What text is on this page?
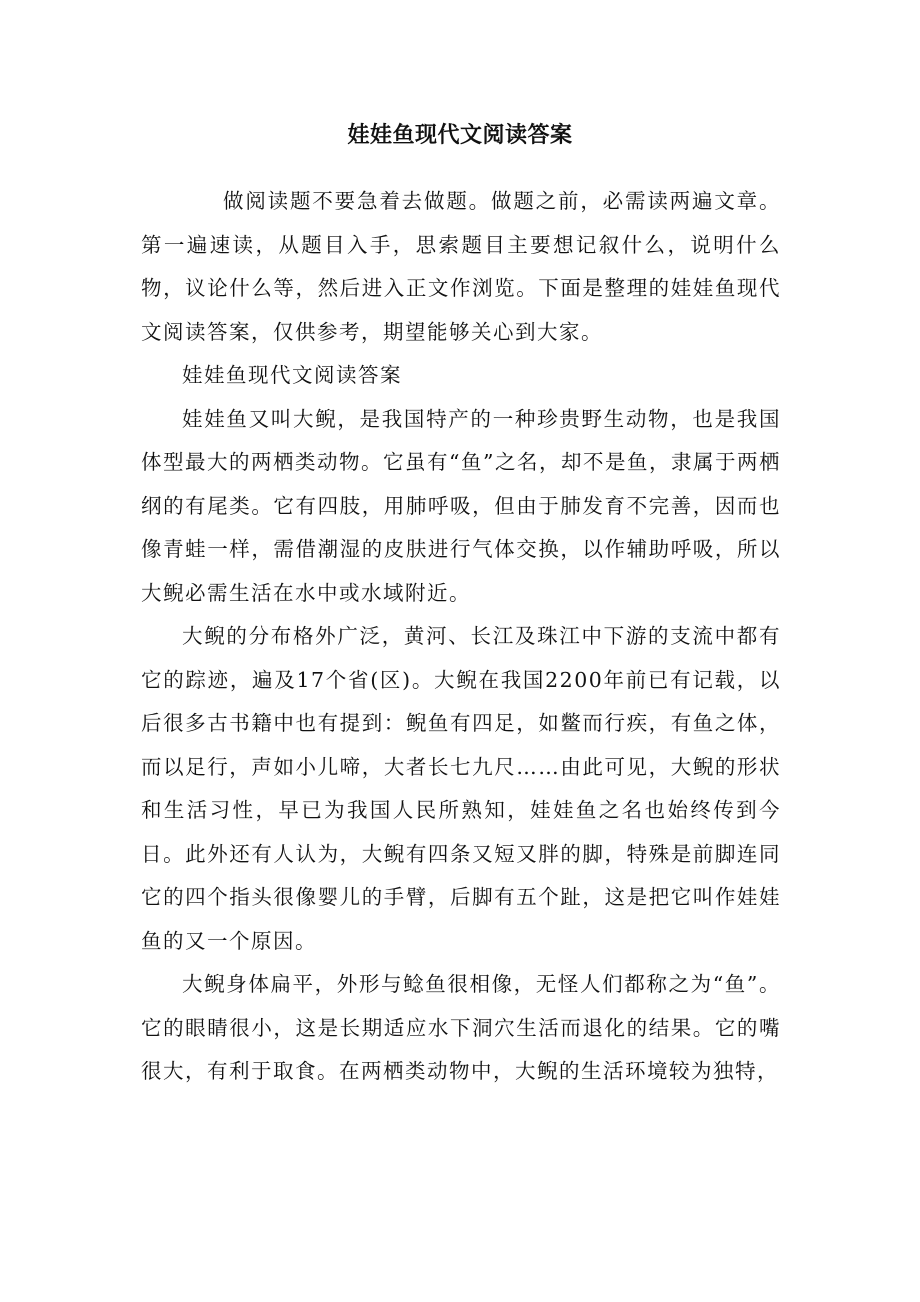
娃娃鱼现代文阅读答案

做阅读题不要急着去做题。做题之前，必需读两遍文章。第一遍速读，从题目入手，思索题目主要想记叙什么，说明什么物，议论什么等，然后进入正文作浏览。下面是整理的娃娃鱼现代文阅读答案，仅供参考，期望能够关心到大家。

娃娃鱼现代文阅读答案

娃娃鱼又叫大鲵，是我国特产的一种珍贵野生动物，也是我国体型最大的两栖类动物。它虽有“鱼”之名，却不是鱼，隶属于两栖纲的有尾类。它有四肢，用肺呼吸，但由于肺发育不完善，因而也像青蛙一样，需借潮湿的皮肤进行气体交换，以作辅助呼吸，所以大鲵必需生活在水中或水域附近。

大鲵的分布格外广泛，黄河、长江及珠江中下游的支流中都有它的踪迹，遍及17个省(区)。大鲵在我国2200年前已有记载，以后很多古书籍中也有提到：鲵鱼有四足，如鳖而行疾，有鱼之体，而以足行，声如小儿啼，大者长七九尺……由此可见，大鲵的形状和生活习性，早已为我国人民所熟知，娃娃鱼之名也始终传到今日。此外还有人认为，大鲵有四条又短又胖的脚，特殊是前脚连同它的四个指头很像婴儿的手臂，后脚有五个趾，这是把它叫作娃娃鱼的又一个原因。

大鲵身体扁平，外形与鲶鱼很相像，无怪人们都称之为“鱼”。它的眼睛很小，这是长期适应水下洞穴生活而退化的结果。它的嘴很大，有利于取食。在两栖类动物中，大鲵的生活环境较为独特，
